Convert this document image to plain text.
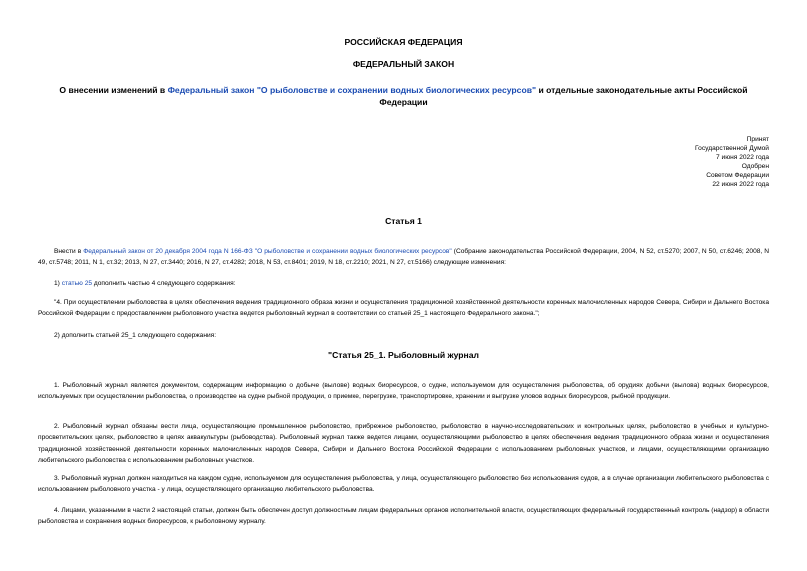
РОССИЙСКАЯ ФЕДЕРАЦИЯ
ФЕДЕРАЛЬНЫЙ ЗАКОН
О внесении изменений в Федеральный закон "О рыболовстве и сохранении водных биологических ресурсов" и отдельные законодательные акты Российской Федерации
Принят
Государственной Думой
7 июня 2022 года
Одобрен
Советом Федерации
22 июня 2022 года
Статья 1
Внести в Федеральный закон от 20 декабря 2004 года N 166-ФЗ "О рыболовстве и сохранении водных биологических ресурсов" (Собрание законодательства Российской Федерации, 2004, N 52, ст.5270; 2007, N 50, ст.6246; 2008, N 49, ст.5748; 2011, N 1, ст.32; 2013, N 27, ст.3440; 2016, N 27, ст.4282; 2018, N 53, ст.8401; 2019, N 18, ст.2210; 2021, N 27, ст.5166) следующие изменения:
1) статью 25 дополнить частью 4 следующего содержания:
"4. При осуществлении рыболовства в целях обеспечения ведения традиционного образа жизни и осуществления традиционной хозяйственной деятельности коренных малочисленных народов Севера, Сибири и Дальнего Востока Российской Федерации с предоставлением рыболовного участка ведется рыболовный журнал в соответствии со статьей 25_1 настоящего Федерального закона.";
2) дополнить статьей 25_1 следующего содержания:
"Статья 25_1. Рыболовный журнал
1. Рыболовный журнал является документом, содержащим информацию о добыче (вылове) водных биоресурсов, о судне, используемом для осуществления рыболовства, об орудиях добычи (вылова) водных биоресурсов, используемых при осуществлении рыболовства, о производстве на судне рыбной продукции, о приемке, перегрузке, транспортировке, хранении и выгрузке уловов водных биоресурсов, рыбной продукции.
2. Рыболовный журнал обязаны вести лица, осуществляющие промышленное рыболовство, прибрежное рыболовство, рыболовство в научно-исследовательских и контрольных целях, рыболовство в учебных и культурно-просветительских целях, рыболовство в целях аквакультуры (рыбоводства). Рыболовный журнал также ведется лицами, осуществляющими рыболовство в целях обеспечения ведения традиционного образа жизни и осуществления традиционной хозяйственной деятельности коренных малочисленных народов Севера, Сибири и Дальнего Востока Российской Федерации с использованием рыболовных участков, и лицами, осуществляющими организацию любительского рыболовства с использованием рыболовных участков.
3. Рыболовный журнал должен находиться на каждом судне, используемом для осуществления рыболовства, у лица, осуществляющего рыболовство без использования судов, а в случае организации любительского рыболовства с использованием рыболовного участка - у лица, осуществляющего организацию любительского рыболовства.
4. Лицами, указанными в части 2 настоящей статьи, должен быть обеспечен доступ должностным лицам федеральных органов исполнительной власти, осуществляющих федеральный государственный контроль (надзор) в области рыболовства и сохранения водных биоресурсов, к рыболовному журналу.
